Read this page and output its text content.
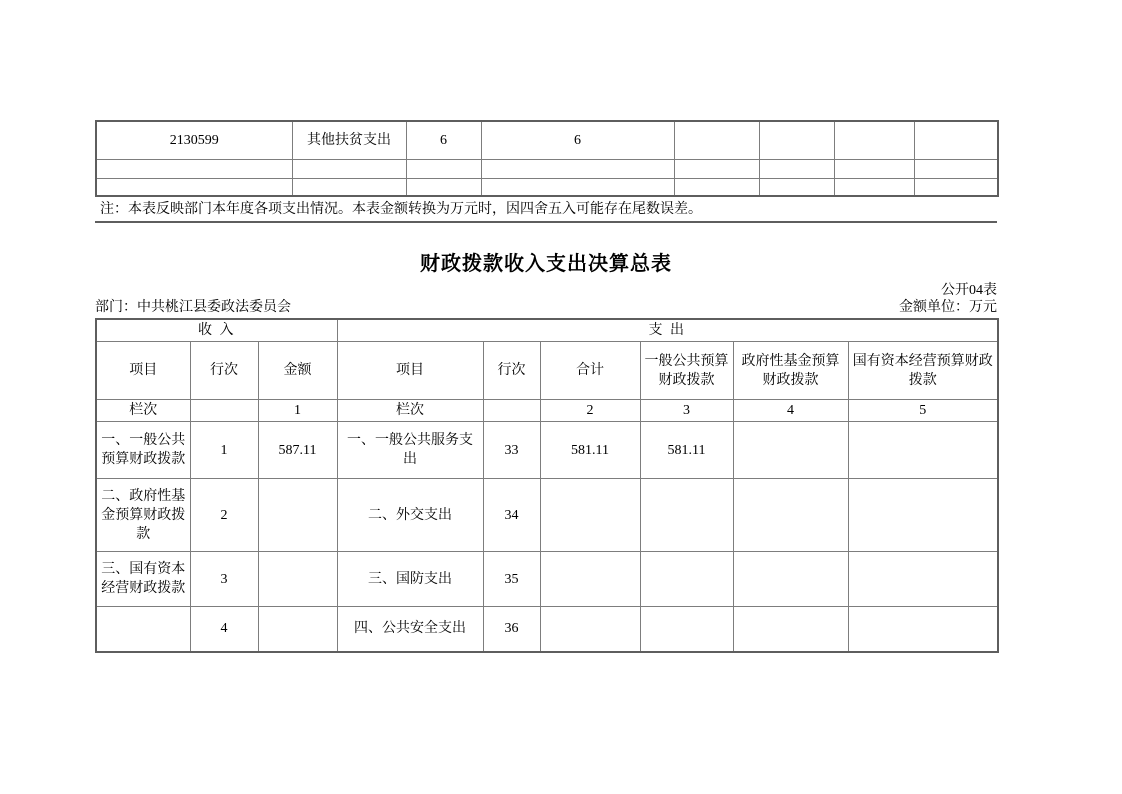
2130599	其他扶贫支出	6	6				

注：本表反映部门本年度各项支出情况。本表金额转换为万元时，因四舍五入可能存在尾数误差。
财政拨款收入支出决算总表
公开04表
部门：中共桃江县委政法委员会	金额单位：万元
收 入			支 出					
项目	行次	金额	项目	行次	合计	一般公共预算财政拨款	政府性基金预算财政拨款	国有资本经营预算财政拨款
栏次		1	栏次		2	3	4	5
一、一般公共预算财政拨款	1	587.11	一、一般公共服务支出	33	581.11	581.11		
二、政府性基金预算财政拨款	2		二、外交支出	34				
三、国有资本经营财政拨款	3		三、国防支出	35				
	4		四、公共安全支出	36				
